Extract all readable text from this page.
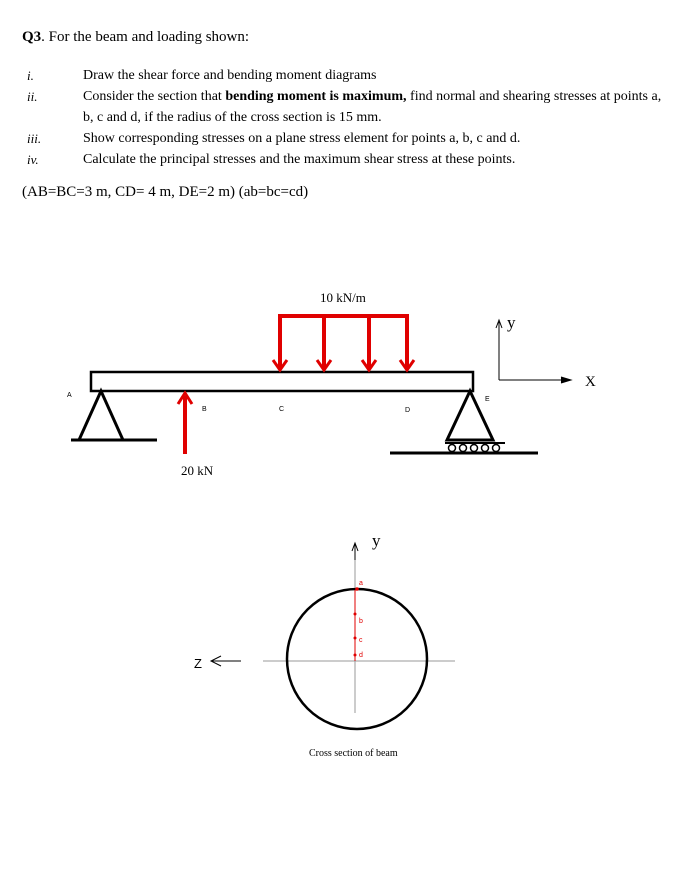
Q3. For the beam and loading shown:
i.	Draw the shear force and bending moment diagrams
ii.	Consider the section that bending moment is maximum, find normal and shearing stresses at points a, b, c and d, if the radius of the cross section is 15 mm.
iii.	Show corresponding stresses on a plane stress element for points a, b, c and d.
iv.	Calculate the principal stresses and the maximum shear stress at these points.
(AB=BC=3 m, CD= 4 m, DE=2 m) (ab=bc=cd)
10 kN/m
A
B
20 kN
C	D
E
y
X
a
b
c
d
y
Z
Cross section of beam
